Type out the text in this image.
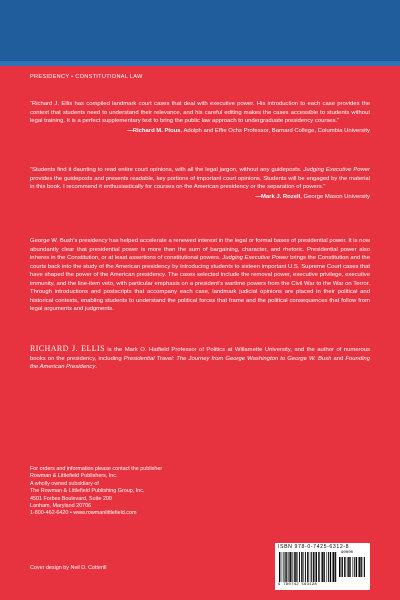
PRESIDENCY • CONSTITUTIONAL LAW

“Richard J. Ellis has compiled landmark court cases that deal with executive power. His introduction to each case provides the context that students need to understand their relevance, and his careful editing makes the cases accessible to students without legal training. It is a perfect supplementary text to bring the public law approach to undergraduate presidency courses.”

—Richard M. Pious, Adolph and Effie Ochs Professor, Barnard College, Columbia University

“Students find it daunting to read entire court opinions, with all the legal jargon, without any guideposts. Judging Executive Power provides the guideposts and presents readable, key portions of important court opinions. Students will be engaged by the material in this book. I recommend it enthusiastically for courses on the American presidency or the separation of powers.”

—Mark J. Rozell, George Mason University

George W. Bush’s presidency has helped accelerate a renewed interest in the legal or formal bases of presidential power. It is now abundantly clear that presidential power is more than the sum of bargaining, character, and rhetoric. Presidential power also inheres in the Constitution, or at least assertions of constitutional powers. Judging Executive Power brings the Constitution and the courts back into the study of the American presidency by introducing students to sixteen important U.S. Supreme Court cases that have shaped the power of the American presidency. The cases selected include the removal power, executive privilege, executive immunity, and the line-item veto, with particular emphasis on a president’s wartime powers from the Civil War to the War on Terror. Through introductions and postscripts that accompany each case, landmark judicial opinions are placed in their political and historical contexts, enabling students to understand the political forces that frame and the political consequences that follow from legal arguments and judgments.

RICHARD J. ELLIS is the Mark O. Hatfield Professor of Politics at Willamette University, and the author of numerous books on the presidency, including Presidential Travel: The Journey from George Washington to George W. Bush and Founding the American Presidency.

For orders and information please contact the publisher
Rowman & Littlefield Publishers, Inc.
A wholly owned subsidiary of
The Rowman & Littlefield Publishing Group, Inc.
4501 Forbes Boulevard, Suite 200
Lanham, Maryland 20706
1-800-462-6420 • www.rowmanlittlefield.com
Cover design by Neil D. Cotterill
ISBN 978-0-7425-6312-8
90000
9 780742 563128
